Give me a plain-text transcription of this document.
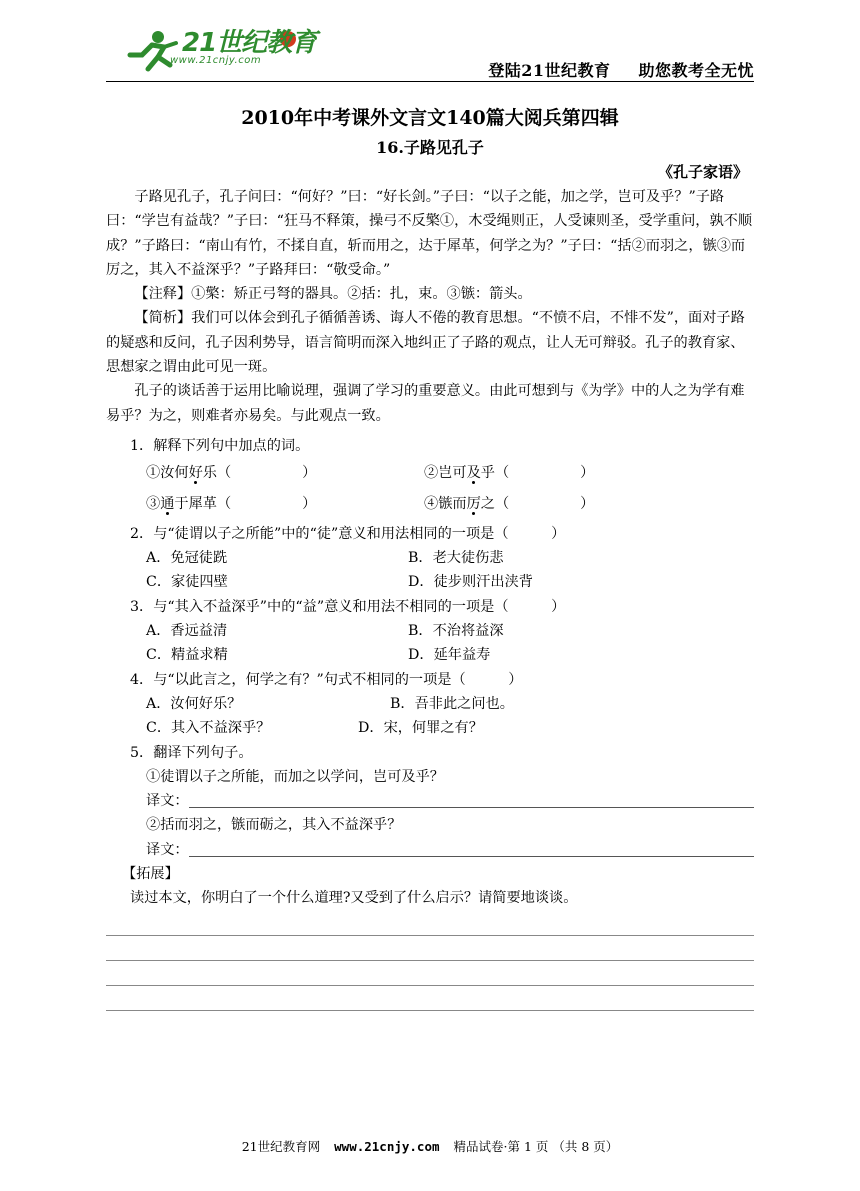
21世纪教育
www.21cnjy.com
登陆21世纪教育 助您教考全无忧
2010年中考课外文言文140篇大阅兵第四辑
16.子路见孔子
《孔子家语》

子路见孔子，孔子问曰：“何好？”曰：“好长剑。”子曰：“以子之能，加之学，岂可及乎？”子路曰：“学岂有益哉？”子曰：“狂马不释策，操弓不反檠①，木受绳则正，人受谏则圣，受学重问，孰不顺成？”子路曰：“南山有竹，不揉自直，斩而用之，达于犀革，何学之为？”子曰：“括②而羽之，镞③而厉之，其入不益深乎？”子路拜曰：“敬受命。”

【注释】①檠：矫正弓弩的器具。②括：扎，束。③镞：箭头。

【简析】我们可以体会到孔子循循善诱、诲人不倦的教育思想。“不愤不启，不悱不发”，面对子路的疑惑和反问，孔子因利势导，语言简明而深入地纠正了子路的观点，让人无可辩驳。孔子的教育家、思想家之谓由此可见一斑。

孔子的谈话善于运用比喻说理，强调了学习的重要意义。由此可想到与《为学》中的人之为学有难易乎？为之，则难者亦易矣。与此观点一致。

1．解释下列句中加点的词。

①汝何好乐（　　　　　）	②岂可及乎（　　　　　）
③通于犀革（　　　　　）	④镞而厉之（　　　　　）

2．与“徒谓以子之所能”中的“徒”意义和用法相同的一项是（　　　）

A．免冠徒跣	B．老大徒伤悲
C．家徒四壁	D．徒步则汗出浃背

3．与“其入不益深乎”中的“益”意义和用法不相同的一项是（　　　）

A．香远益清	B．不治将益深
C．精益求精	D．延年益寿

4．与“以此言之，何学之有？”句式不相同的一项是（　　　）

A．汝何好乐？	B．吾非此之问也。
C．其入不益深乎？	D．宋，何罪之有？

5．翻译下列句子。

①徒谓以子之所能，而加之以学问，岂可及乎？

译文：

②括而羽之，镞而砺之，其入不益深乎？

译文：

【拓展】

读过本文，你明白了一个什么道理?又受到了什么启示？请简要地谈谈。

21世纪教育网 www.21cnjy.com 精品试卷·第 1 页 （共 8 页）
